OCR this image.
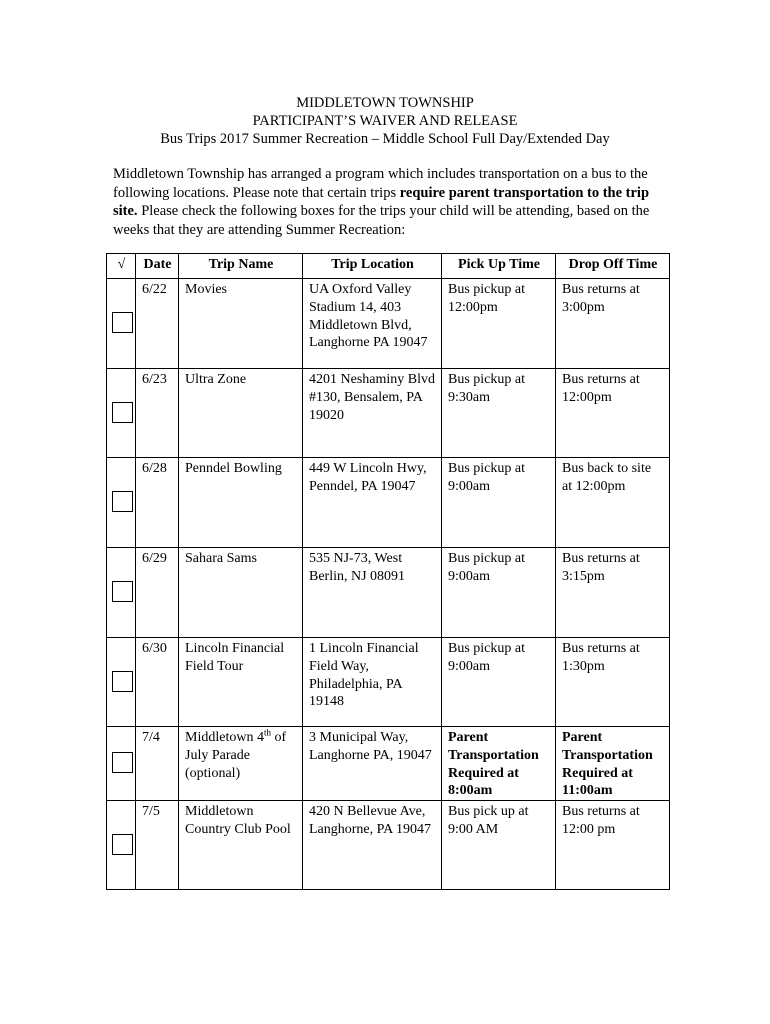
MIDDLETOWN TOWNSHIP
PARTICIPANT’S WAIVER AND RELEASE
Bus Trips 2017 Summer Recreation – Middle School Full Day/Extended Day
Middletown Township has arranged a program which includes transportation on a bus to the following locations. Please note that certain trips require parent transportation to the trip site. Please check the following boxes for the trips your child will be attending, based on the weeks that they are attending Summer Recreation:
√	Date	Trip Name	Trip Location	Pick Up Time	Drop Off Time
	6/22	Movies	UA Oxford Valley Stadium 14, 403 Middletown Blvd, Langhorne PA 19047	Bus pickup at 12:00pm	Bus returns at 3:00pm
	6/23	Ultra Zone	4201 Neshaminy Blvd #130, Bensalem, PA 19020	Bus pickup at 9:30am	Bus returns at 12:00pm
	6/28	Penndel Bowling	449 W Lincoln Hwy, Penndel, PA 19047	Bus pickup at 9:00am	Bus back to site at 12:00pm
	6/29	Sahara Sams	535 NJ-73, West Berlin, NJ 08091	Bus pickup at 9:00am	Bus returns at 3:15pm
	6/30	Lincoln Financial Field Tour	1 Lincoln Financial Field Way, Philadelphia, PA 19148	Bus pickup at 9:00am	Bus returns at 1:30pm
	7/4	Middletown 4th of July Parade (optional)	3 Municipal Way, Langhorne PA, 19047	Parent Transportation Required at 8:00am	Parent Transportation Required at 11:00am
	7/5	Middletown Country Club Pool	420 N Bellevue Ave, Langhorne, PA 19047	Bus pick up at 9:00 AM	Bus returns at 12:00 pm
